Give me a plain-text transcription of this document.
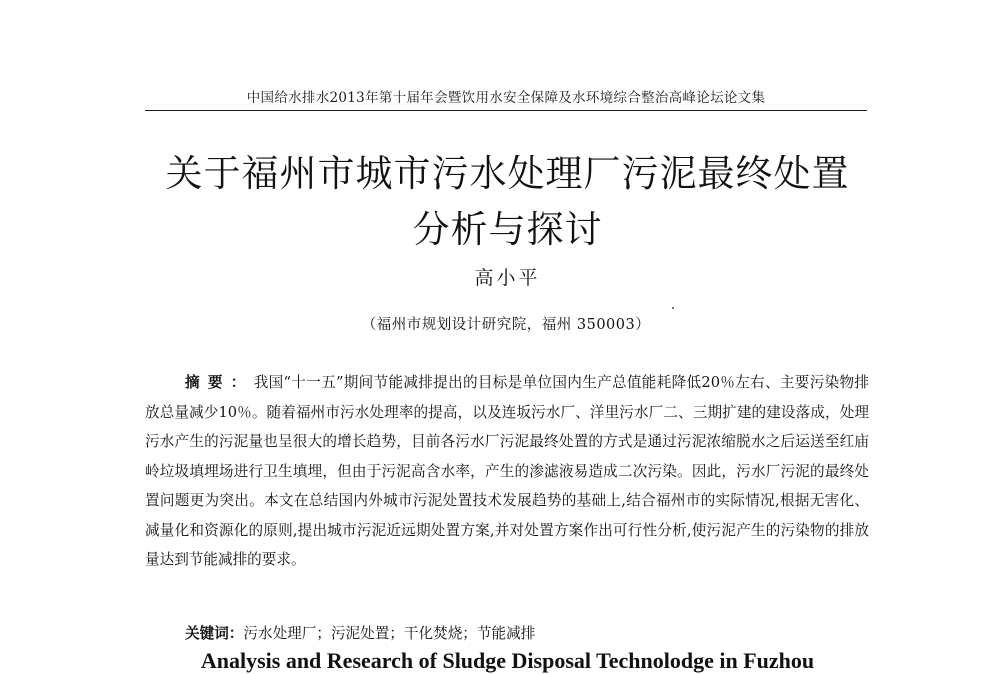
中国给水排水2013年第十届年会暨饮用水安全保障及水环境综合整治高峰论坛论文集
关于福州市城市污水处理厂污泥最终处置
分析与探讨
高小平
（福州市规划设计研究院，福州 350003）

摘要：我国“十一五”期间节能减排提出的目标是单位国内生产总值能耗降低20％左右、主要污染物排放总量减少10％。随着福州市污水处理率的提高，以及连坂污水厂、洋里污水厂二、三期扩建的建设落成，处理污水产生的污泥量也呈很大的增长趋势，目前各污水厂污泥最终处置的方式是通过污泥浓缩脱水之后运送至红庙岭垃圾填埋场进行卫生填埋，但由于污泥高含水率，产生的渗滤液易造成二次污染。因此，污水厂污泥的最终处置问题更为突出。本文在总结国内外城市污泥处置技术发展趋势的基础上,结合福州市的实际情况,根据无害化、减量化和资源化的原则,提出城市污泥近远期处置方案,并对处置方案作出可行性分析,使污泥产生的污染物的排放量达到节能减排的要求。

关键词：污水处理厂；污泥处置；干化焚烧；节能减排
Analysis and Research of Sludge Disposal Technolodge in Fuzhou
